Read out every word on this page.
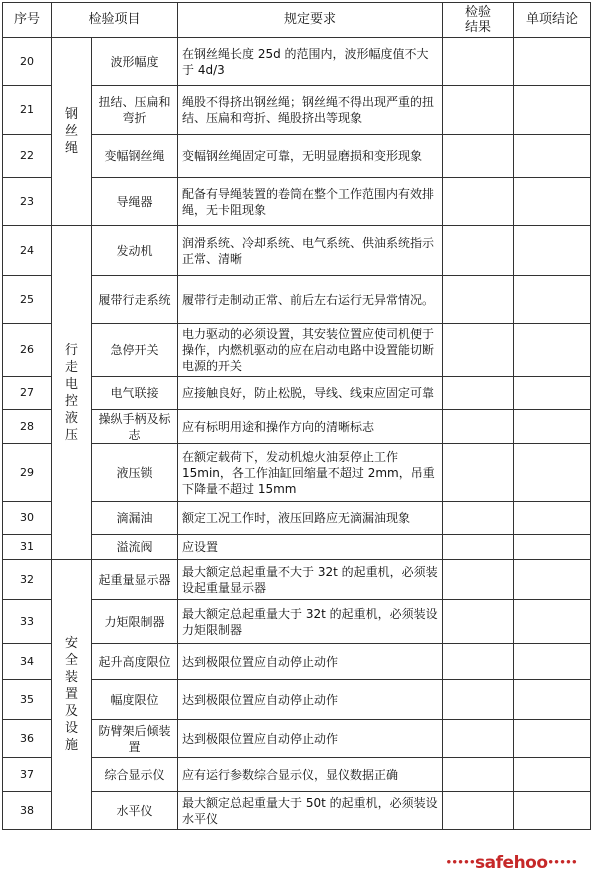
序号	检验项目		规定要求	检验结果	单项结论
20	钢丝绳	波形幅度	在钢丝绳长度 25d 的范围内，波形幅度值不大于 4d/3		
21		扭结、压扁和弯折	绳股不得挤出钢丝绳；钢丝绳不得出现严重的扭结、压扁和弯折、绳股挤出等现象		
22		变幅钢丝绳	变幅钢丝绳固定可靠，无明显磨损和变形现象		
23		导绳器	配备有导绳装置的卷筒在整个工作范围内有效排绳，无卡阻现象		
24	行走电控液压	发动机	润滑系统、冷却系统、电气系统、供油系统指示正常、清晰		
25		履带行走系统	履带行走制动正常、前后左右运行无异常情况。		
26		急停开关	电力驱动的必须设置，其安装位置应使司机便于操作，内燃机驱动的应在启动电路中设置能切断电源的开关		
27		电气联接	应接触良好，防止松脱，导线、线束应固定可靠		
28		操纵手柄及标志	应有标明用途和操作方向的清晰标志		
29		液压锁	在额定载荷下，发动机熄火油泵停止工作 15min，各工作油缸回缩量不超过 2mm，吊重下降量不超过 15mm		
30		滴漏油	额定工况工作时，液压回路应无滴漏油现象		
31		溢流阀	应设置		
32	安全装置及设施	起重量显示器	最大额定总起重量不大于 32t 的起重机，必须装设起重量显示器		
33		力矩限制器	最大额定总起重量大于 32t 的起重机，必须装设力矩限制器		
34		起升高度限位	达到极限位置应自动停止动作		
35		幅度限位	达到极限位置应自动停止动作		
36		防臂架后倾装置	达到极限位置应自动停止动作		
37		综合显示仪	应有运行参数综合显示仪，显仪数据正确		
38		水平仪	最大额定总起重量大于 50t 的起重机，必须装设水平仪		
•••••safehoo•••••
